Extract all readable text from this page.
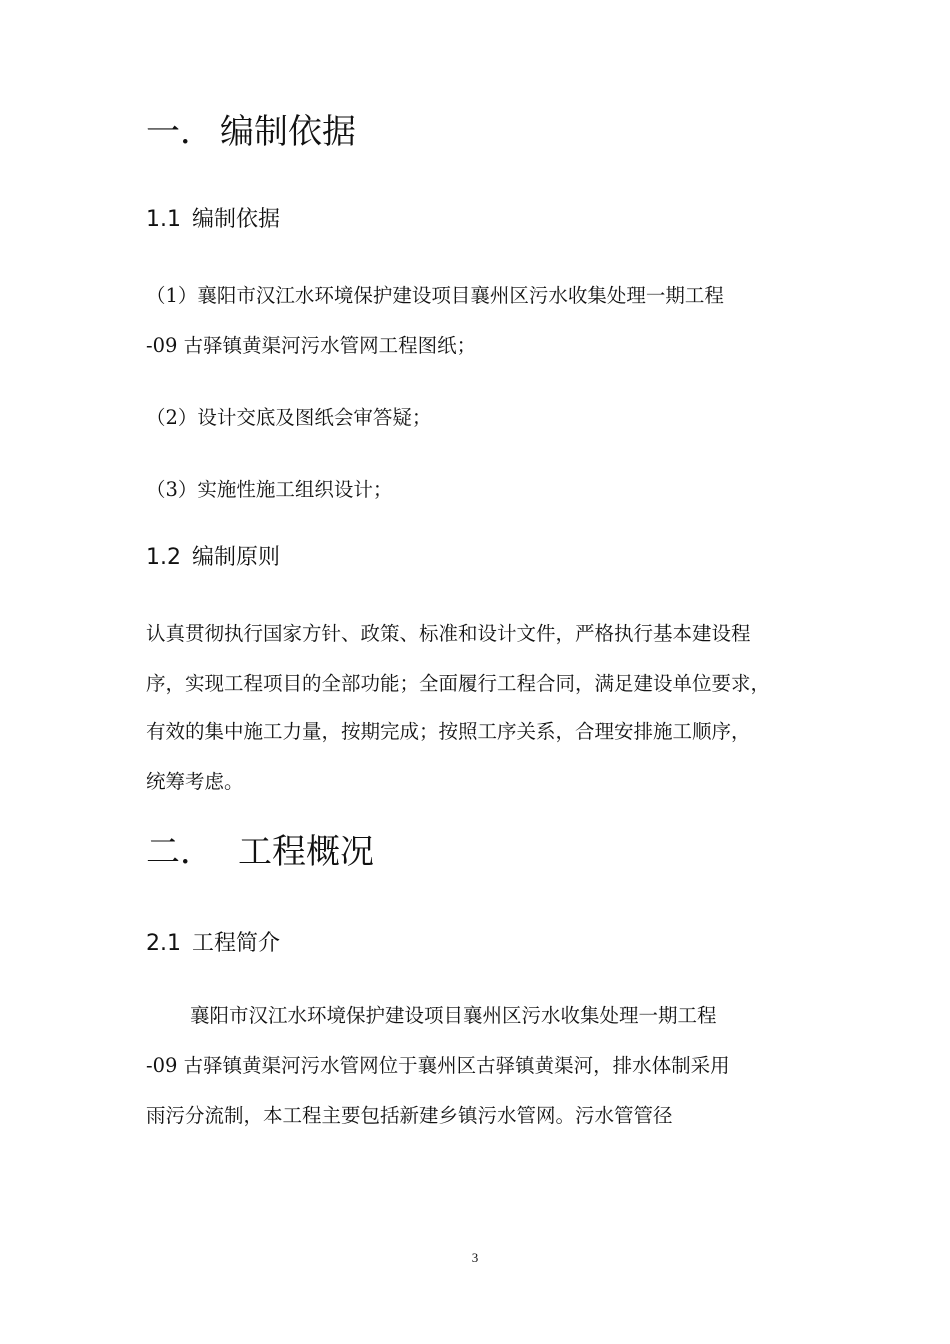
一． 编制依据
1.1 编制依据

（1）襄阳市汉江水环境保护建设项目襄州区污水收集处理一期工程

-09 古驿镇黄渠河污水管网工程图纸；

（2）设计交底及图纸会审答疑；

（3）实施性施工组织设计；

1.2 编制原则

认真贯彻执行国家方针、政策、标准和设计文件，严格执行基本建设程

序，实现工程项目的全部功能；全面履行工程合同，满足建设单位要求，

有效的集中施工力量，按期完成；按照工序关系，合理安排施工顺序，

统筹考虑。

二． 工程概况
2.1 工程简介

襄阳市汉江水环境保护建设项目襄州区污水收集处理一期工程

-09 古驿镇黄渠河污水管网位于襄州区古驿镇黄渠河，排水体制采用

雨污分流制，本工程主要包括新建乡镇污水管网。污水管管径

3
